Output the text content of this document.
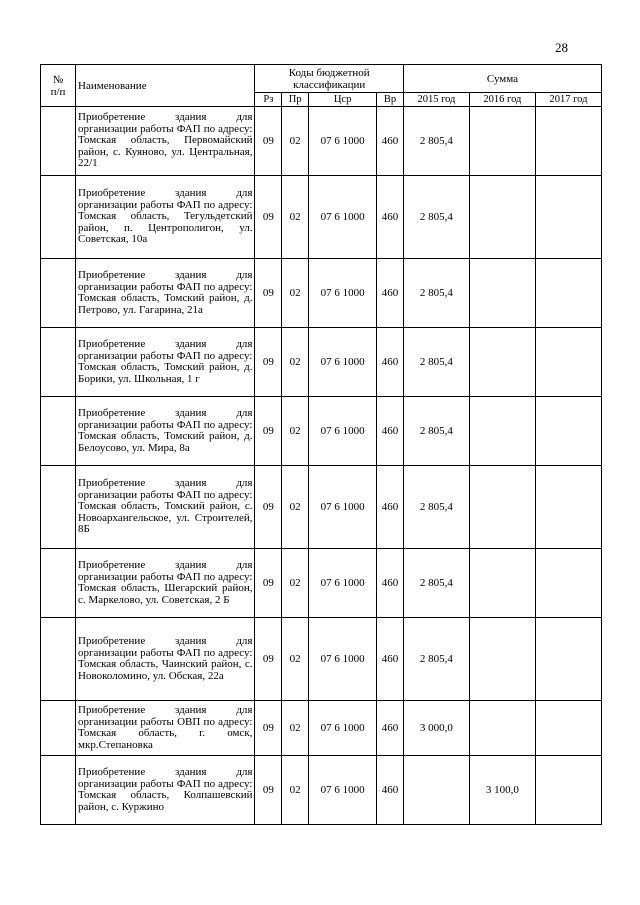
28
№
п/п	Наименование	Коды бюджетной классификации				Сумма		
		Рз	Пр	Цср	Вр	2015 год	2016 год	2017 год
	Приобретение здания для организации работы ФАП по адресу: Томская область, Первомайский район, с. Куяново, ул. Центральная, 22/1	09	02	07 6 1000	460	2 805,4		
	Приобретение здания для организации работы ФАП по адресу: Томская область, Тегульдетский район, п. Центрополигон, ул. Советская, 10а	09	02	07 6 1000	460	2 805,4		
	Приобретение здания для организации работы ФАП по адресу: Томская область, Томский район, д. Петрово, ул. Гагарина, 21а	09	02	07 6 1000	460	2 805,4		
	Приобретение здания для организации работы ФАП по адресу: Томская область, Томский район, д. Борики, ул. Школьная, 1 г	09	02	07 6 1000	460	2 805,4		
	Приобретение здания для организации работы ФАП по адресу: Томская область, Томский район, д. Белоусово, ул. Мира, 8а	09	02	07 6 1000	460	2 805,4		
	Приобретение здания для организации работы ФАП по адресу: Томская область, Томский район, с. Новоархангельское, ул. Строителей, 8Б	09	02	07 6 1000	460	2 805,4		
	Приобретение здания для организации работы ФАП по адресу: Томская область, Шегарский район, с. Маркелово, ул. Советская, 2 Б	09	02	07 6 1000	460	2 805,4		
	Приобретение здания для организации работы ФАП по адресу: Томская область, Чаинский район, с. Новоколомино, ул. Обская, 22а	09	02	07 6 1000	460	2 805,4		
	Приобретение здания для организации работы ОВП по адресу: Томская область, г. омск, мкр.Степановка	09	02	07 6 1000	460	3 000,0		
	Приобретение здания для организации работы ФАП по адресу: Томская область, Колпашевский район, с. Куржино	09	02	07 6 1000	460		3 100,0	
